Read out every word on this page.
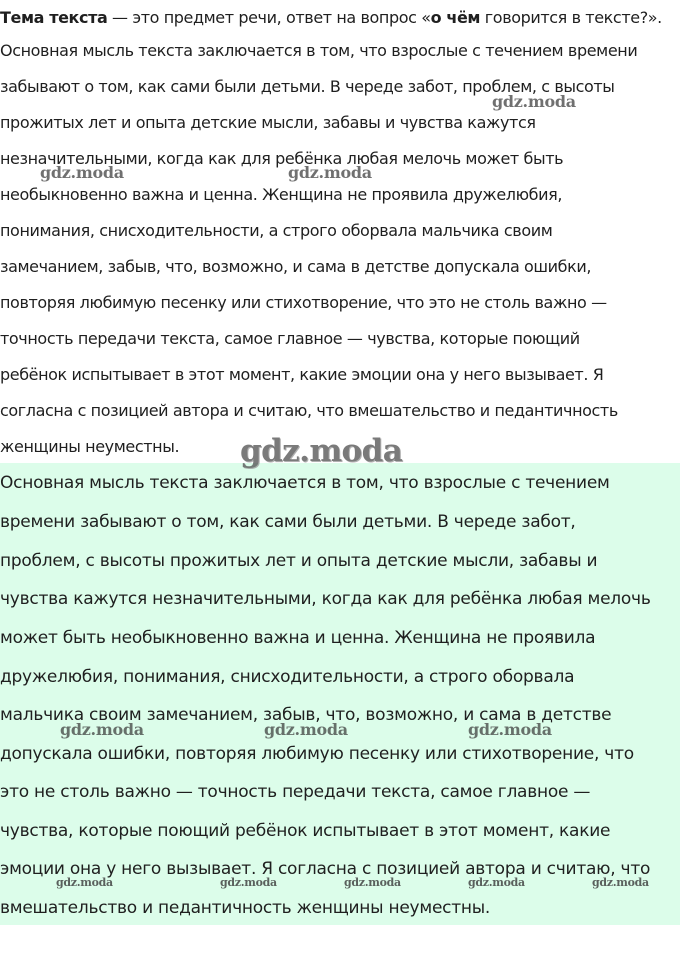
Тема текста — это предмет речи, ответ на вопрос «о чём говорится в тексте?».
Основная мысль текста заключается в том, что взрослые с течением времени
забывают о том, как сами были детьми. В череде забот, проблем, с высоты
прожитых лет и опыта детские мысли, забавы и чувства кажутся
незначительными, когда как для ребёнка любая мелочь может быть
необыкновенно важна и ценна. Женщина не проявила дружелюбия,
понимания, снисходительности, а строго оборвала мальчика своим
замечанием, забыв, что, возможно, и сама в детстве допускала ошибки,
повторяя любимую песенку или стихотворение, что это не столь важно —
точность передачи текста, самое главное — чувства, которые поющий
ребёнок испытывает в этот момент, какие эмоции она у него вызывает. Я
согласна с позицией автора и считаю, что вмешательство и педантичность
женщины неуместны.
Основная мысль текста заключается в том, что взрослые с течением
времени забывают о том, как сами были детьми. В череде забот,
проблем, с высоты прожитых лет и опыта детские мысли, забавы и
чувства кажутся незначительными, когда как для ребёнка любая мелочь
может быть необыкновенно важна и ценна. Женщина не проявила
дружелюбия, понимания, снисходительности, а строго оборвала
мальчика своим замечанием, забыв, что, возможно, и сама в детстве
допускала ошибки, повторяя любимую песенку или стихотворение, что
это не столь важно — точность передачи текста, самое главное —
чувства, которые поющий ребёнок испытывает в этот момент, какие
эмоции она у него вызывает. Я согласна с позицией автора и считаю, что
вмешательство и педантичность женщины неуместны.
gdz.moda
gdz.moda	gdz.moda
gdz.moda
gdz.moda	gdz.moda	gdz.moda
gdz.moda	gdz.moda	gdz.moda	gdz.moda	gdz.moda
